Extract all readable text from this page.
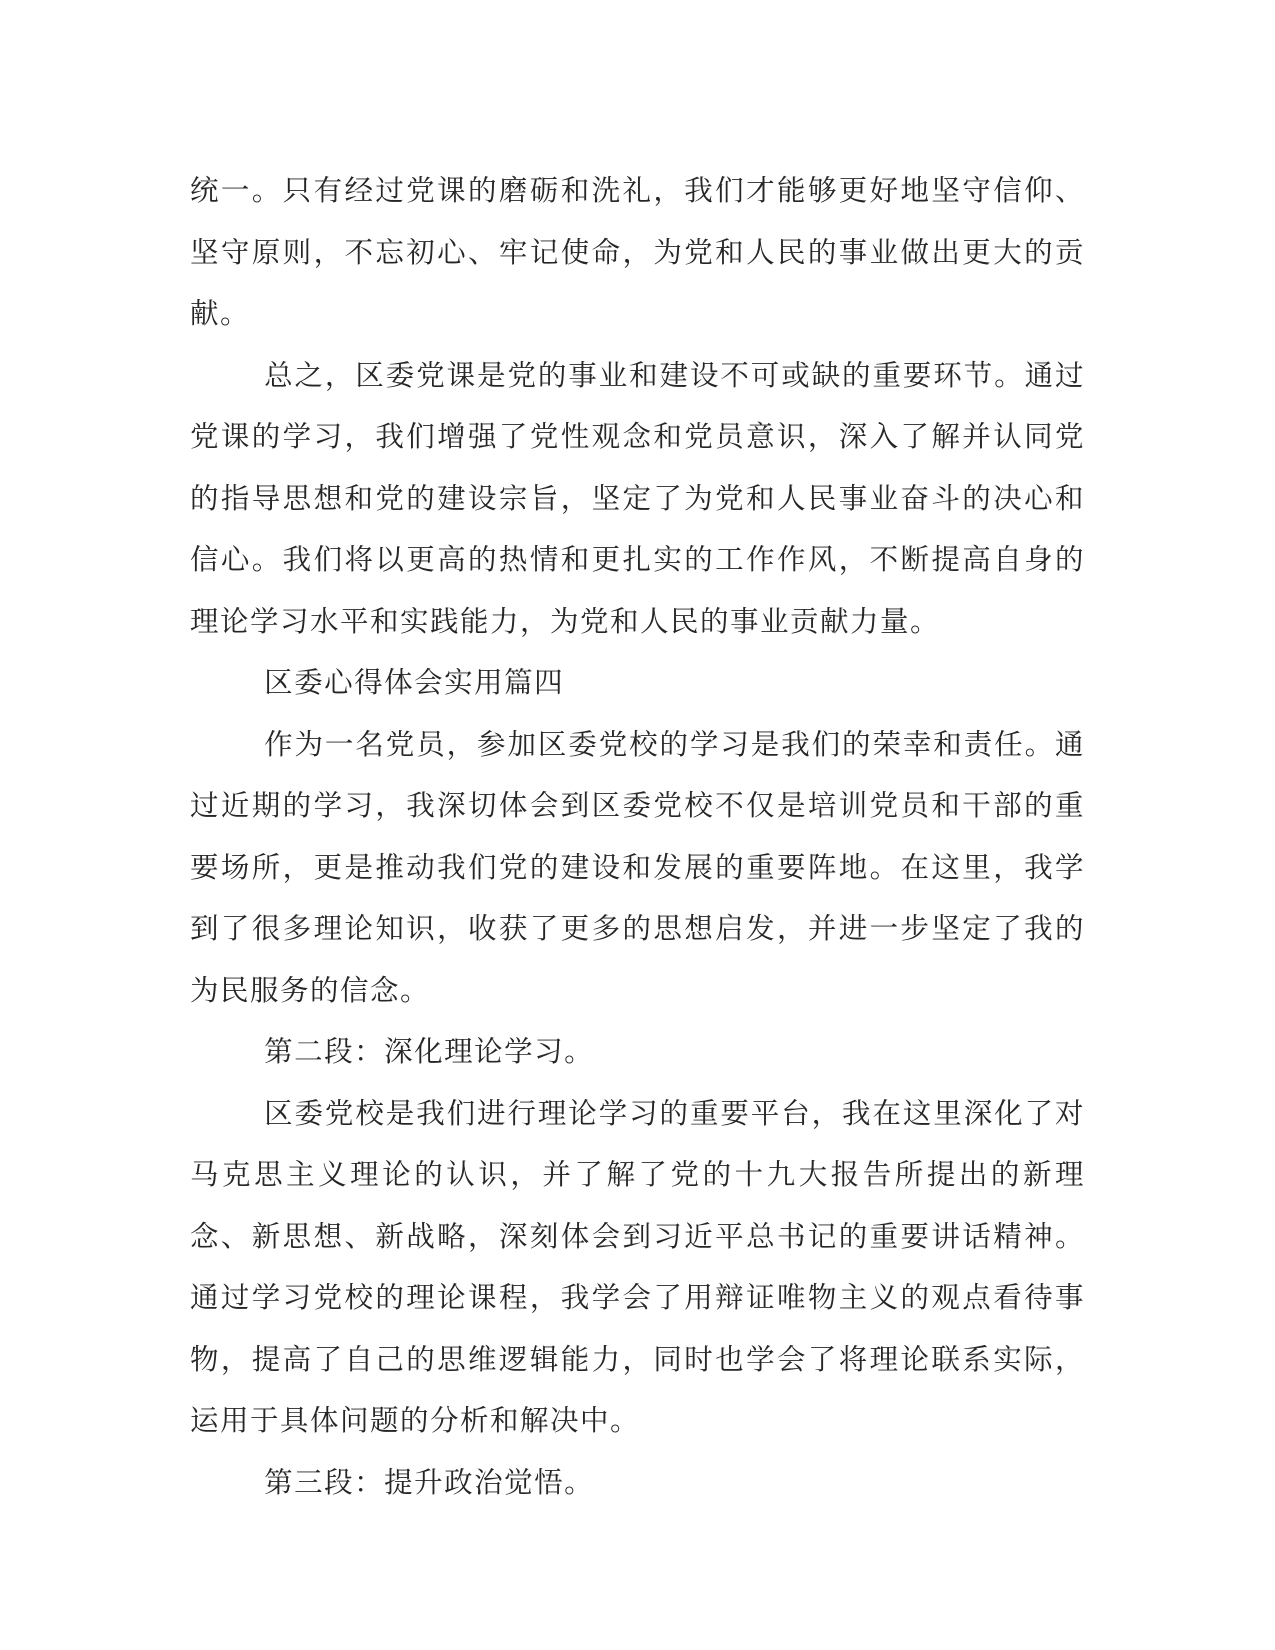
统一。只有经过党课的磨砺和洗礼，我们才能够更好地坚守信仰、坚守原则，不忘初心、牢记使命，为党和人民的事业做出更大的贡献。

总之，区委党课是党的事业和建设不可或缺的重要环节。通过党课的学习，我们增强了党性观念和党员意识，深入了解并认同党的指导思想和党的建设宗旨，坚定了为党和人民事业奋斗的决心和信心。我们将以更高的热情和更扎实的工作作风，不断提高自身的理论学习水平和实践能力，为党和人民的事业贡献力量。

区委心得体会实用篇四

作为一名党员，参加区委党校的学习是我们的荣幸和责任。通过近期的学习，我深切体会到区委党校不仅是培训党员和干部的重要场所，更是推动我们党的建设和发展的重要阵地。在这里，我学到了很多理论知识，收获了更多的思想启发，并进一步坚定了我的为民服务的信念。

第二段：深化理论学习。

区委党校是我们进行理论学习的重要平台，我在这里深化了对马克思主义理论的认识，并了解了党的十九大报告所提出的新理念、新思想、新战略，深刻体会到习近平总书记的重要讲话精神。通过学习党校的理论课程，我学会了用辩证唯物主义的观点看待事物，提高了自己的思维逻辑能力，同时也学会了将理论联系实际，运用于具体问题的分析和解决中。

第三段：提升政治觉悟。
